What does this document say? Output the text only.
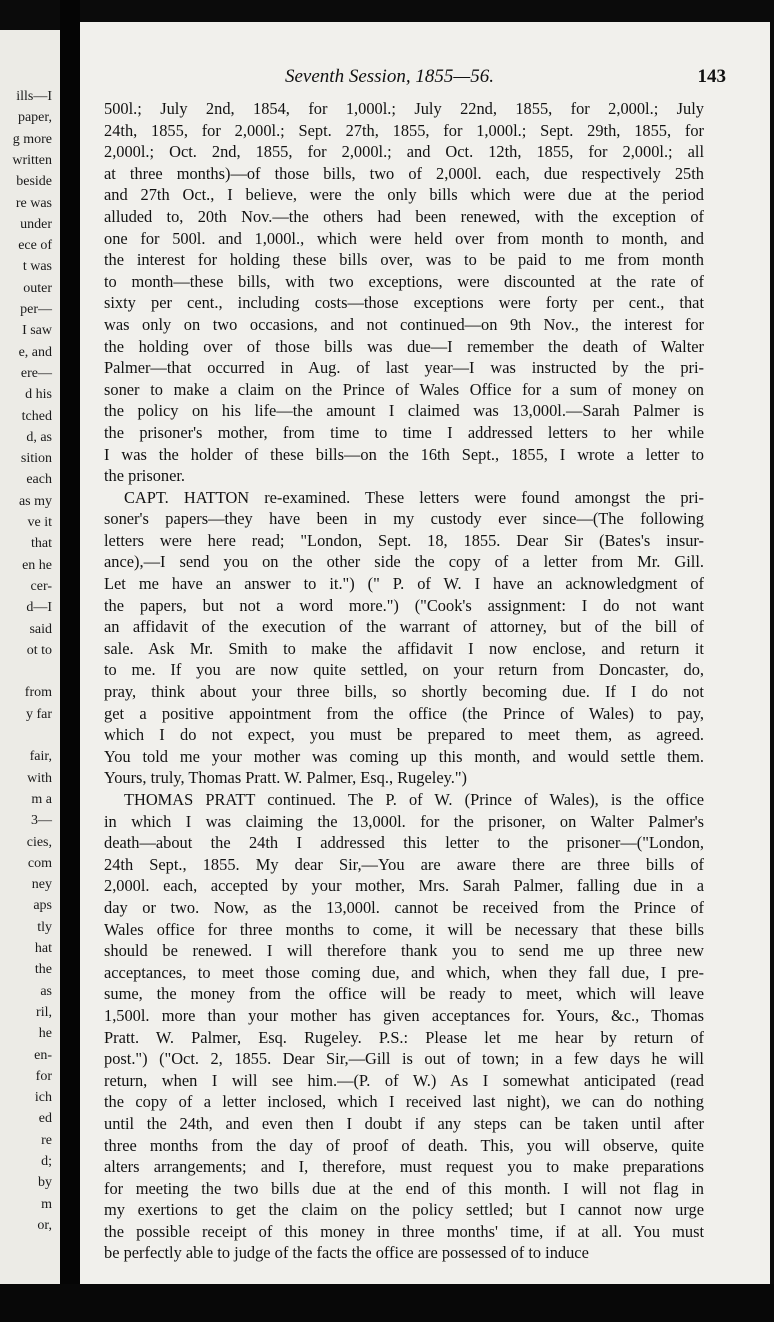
ills—I
paper,
g more
written
beside
re was
under
ece of
t was
outer
per—
I saw
e, and
ere—
d his
tched
d, as
sition
each
as my
ve it
that
en he
cer-
d—I
said
ot to
from
y far
fair,
with
m a
3—
cies,
com
ney
aps
tly
hat
the
as
ril,
he
en-
for
ich
ed
re
d;
by
m
or,
Seventh Session, 1855—56.	143
500l.; July 2nd, 1854, for 1,000l.; July 22nd, 1855, for 2,000l.; July
24th, 1855, for 2,000l.; Sept. 27th, 1855, for 1,000l.; Sept. 29th, 1855, for
2,000l.; Oct. 2nd, 1855, for 2,000l.; and Oct. 12th, 1855, for 2,000l.; all
at three months)—of those bills, two of 2,000l. each, due respectively 25th
and 27th Oct., I believe, were the only bills which were due at the period
alluded to, 20th Nov.—the others had been renewed, with the exception of
one for 500l. and 1,000l., which were held over from month to month, and
the interest for holding these bills over, was to be paid to me from month
to month—these bills, with two exceptions, were discounted at the rate of
sixty per cent., including costs—those exceptions were forty per cent., that
was only on two occasions, and not continued—on 9th Nov., the interest for
the holding over of those bills was due—I remember the death of Walter
Palmer—that occurred in Aug. of last year—I was instructed by the pri-
soner to make a claim on the Prince of Wales Office for a sum of money on
the policy on his life—the amount I claimed was 13,000l.—Sarah Palmer is
the prisoner's mother, from time to time I addressed letters to her while
I was the holder of these bills—on the 16th Sept., 1855, I wrote a letter to
the prisoner.
CAPT. HATTON re-examined. These letters were found amongst the pri-
soner's papers—they have been in my custody ever since—(The following
letters were here read; "London, Sept. 18, 1855. Dear Sir (Bates's insur-
ance),—I send you on the other side the copy of a letter from Mr. Gill.
Let me have an answer to it.") (" P. of W. I have an acknowledgment of
the papers, but not a word more.") ("Cook's assignment: I do not want
an affidavit of the execution of the warrant of attorney, but of the bill of
sale. Ask Mr. Smith to make the affidavit I now enclose, and return it
to me. If you are now quite settled, on your return from Doncaster, do,
pray, think about your three bills, so shortly becoming due. If I do not
get a positive appointment from the office (the Prince of Wales) to pay,
which I do not expect, you must be prepared to meet them, as agreed.
You told me your mother was coming up this month, and would settle them.
Yours, truly, Thomas Pratt. W. Palmer, Esq., Rugeley.")
THOMAS PRATT continued. The P. of W. (Prince of Wales), is the office
in which I was claiming the 13,000l. for the prisoner, on Walter Palmer's
death—about the 24th I addressed this letter to the prisoner—("London,
24th Sept., 1855. My dear Sir,—You are aware there are three bills of
2,000l. each, accepted by your mother, Mrs. Sarah Palmer, falling due in a
day or two. Now, as the 13,000l. cannot be received from the Prince of
Wales office for three months to come, it will be necessary that these bills
should be renewed. I will therefore thank you to send me up three new
acceptances, to meet those coming due, and which, when they fall due, I pre-
sume, the money from the office will be ready to meet, which will leave
1,500l. more than your mother has given acceptances for. Yours, &c., Thomas
Pratt. W. Palmer, Esq. Rugeley. P.S.: Please let me hear by return of
post.") ("Oct. 2, 1855. Dear Sir,—Gill is out of town; in a few days he will
return, when I will see him.—(P. of W.) As I somewhat anticipated (read
the copy of a letter inclosed, which I received last night), we can do nothing
until the 24th, and even then I doubt if any steps can be taken until after
three months from the day of proof of death. This, you will observe, quite
alters arrangements; and I, therefore, must request you to make preparations
for meeting the two bills due at the end of this month. I will not flag in
my exertions to get the claim on the policy settled; but I cannot now urge
the possible receipt of this money in three months' time, if at all. You must
be perfectly able to judge of the facts the office are possessed of to induce
